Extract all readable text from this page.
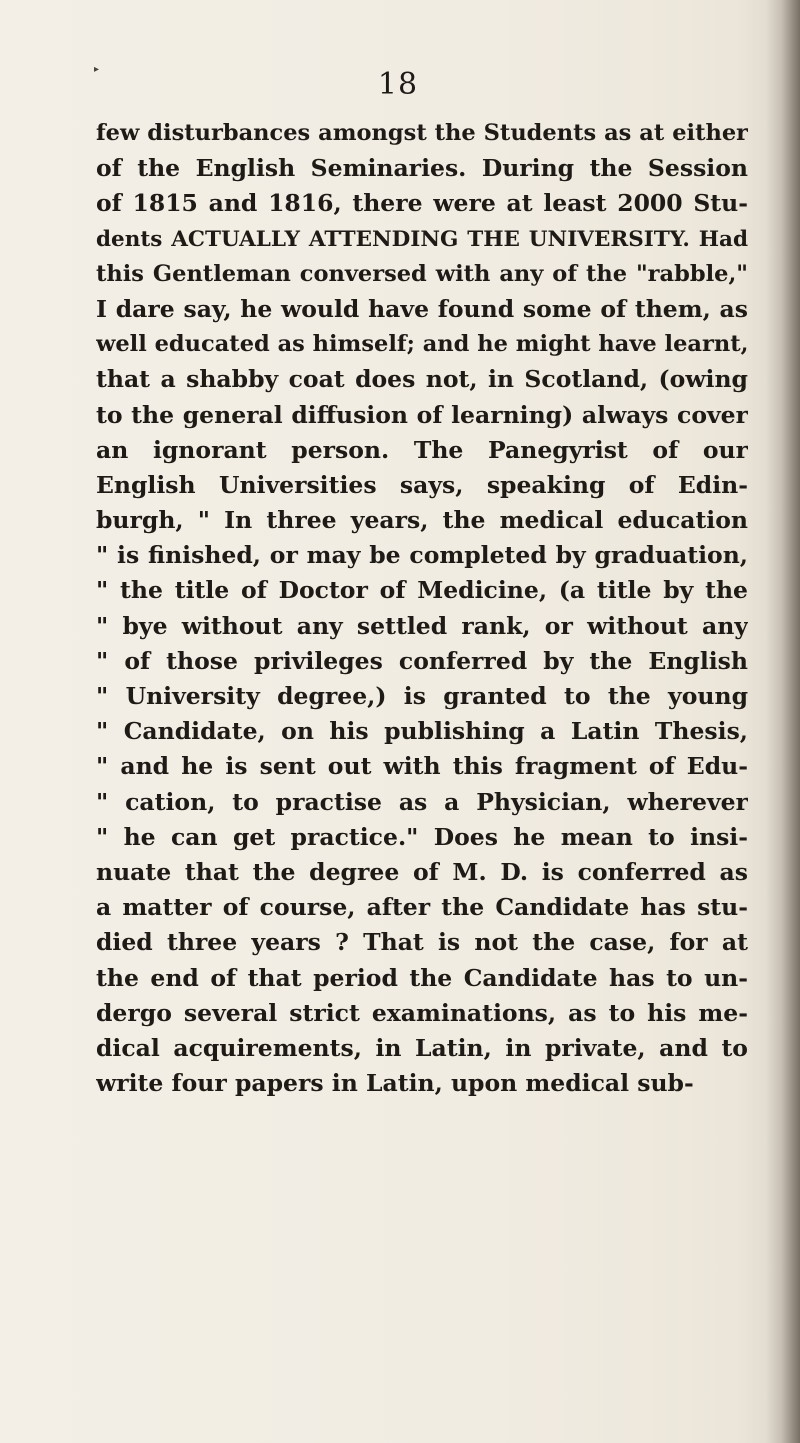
▸	18
few disturbances amongst the Students as at either
of the English Seminaries. During the Session
of 1815 and 1816, there were at least 2000 Stu-
dents ACTUALLY ATTENDING THE UNIVERSITY. Had
this Gentleman conversed with any of the "rabble,"
I dare say, he would have found some of them, as
well educated as himself; and he might have learnt,
that a shabby coat does not, in Scotland, (owing
to the general diffusion of learning) always cover
an ignorant person. The Panegyrist of our
English Universities says, speaking of Edin-
burgh, " In three years, the medical education
" is finished, or may be completed by graduation,
" the title of Doctor of Medicine, (a title by the
" bye without any settled rank, or without any
" of those privileges conferred by the English
" University degree,) is granted to the young
" Candidate, on his publishing a Latin Thesis,
" and he is sent out with this fragment of Edu-
" cation, to practise as a Physician, wherever
" he can get practice." Does he mean to insi-
nuate that the degree of M. D. is conferred as
a matter of course, after the Candidate has stu-
died three years ? That is not the case, for at
the end of that period the Candidate has to un-
dergo several strict examinations, as to his me-
dical acquirements, in Latin, in private, and to
write four papers in Latin, upon medical sub-
